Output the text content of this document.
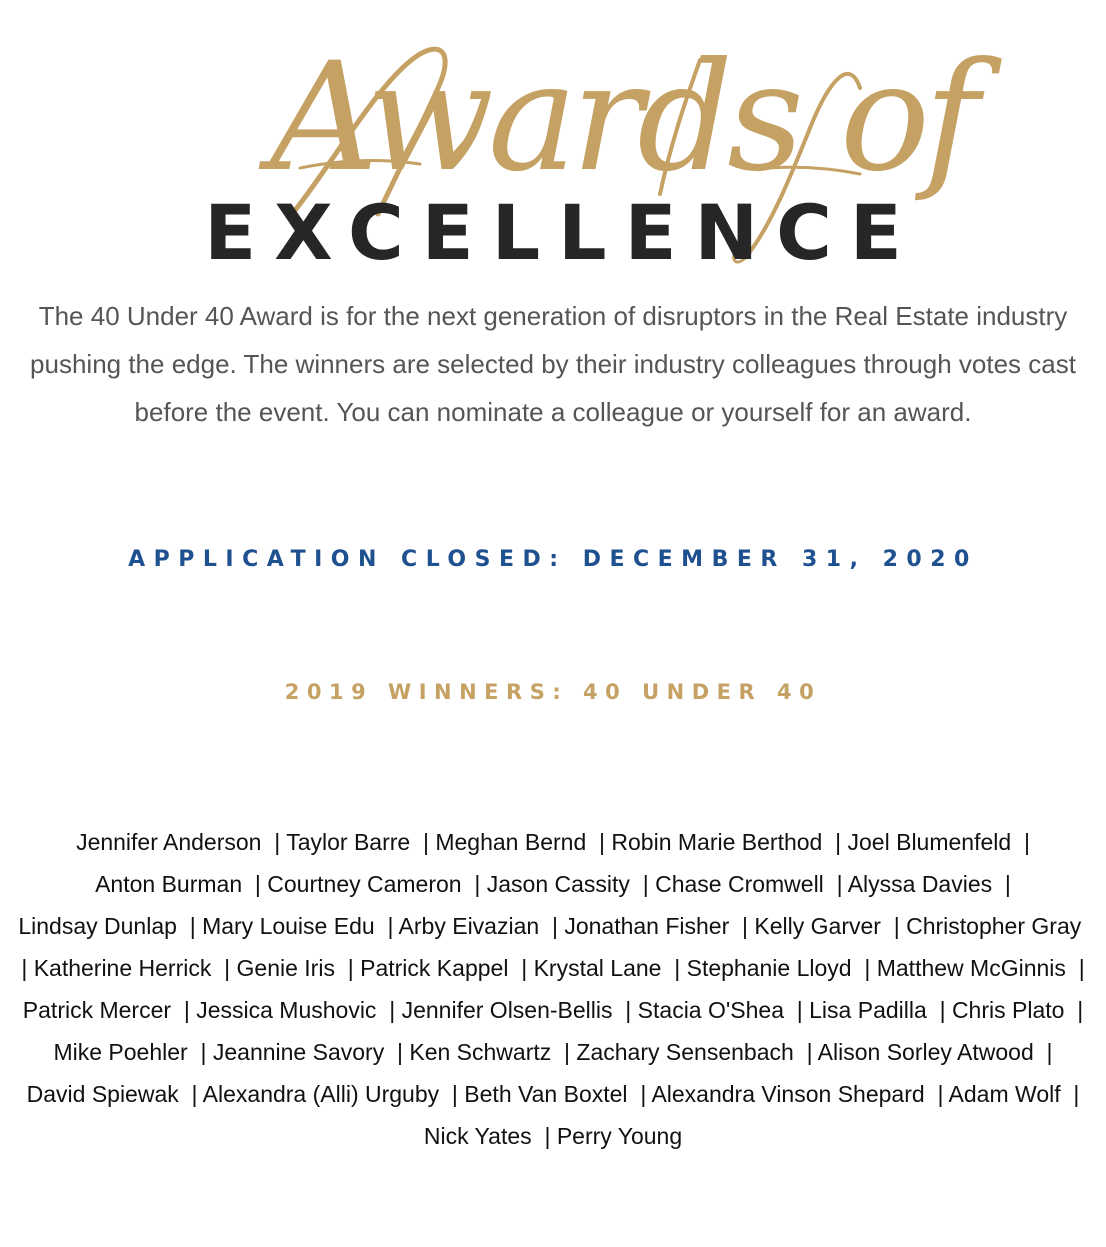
Awards of
EXCELLENCE

The 40 Under 40 Award is for the next generation of disruptors in the Real Estate industry pushing the edge. The winners are selected by their industry colleagues through votes cast before the event. You can nominate a colleague or yourself for an award.

APPLICATION CLOSED: DECEMBER 31, 2020
2019 WINNERS: 40 UNDER 40

Jennifer Anderson | Taylor Barre | Meghan Bernd | Robin Marie Berthod | Joel Blumenfeld | Anton Burman | Courtney Cameron | Jason Cassity | Chase Cromwell | Alyssa Davies | Lindsay Dunlap | Mary Louise Edu | Arby Eivazian | Jonathan Fisher | Kelly Garver | Christopher Gray  | Katherine Herrick | Genie Iris | Patrick Kappel | Krystal Lane | Stephanie Lloyd | Matthew McGinnis | Patrick Mercer | Jessica Mushovic | Jennifer Olsen-Bellis | Stacia O'Shea | Lisa Padilla | Chris Plato | Mike Poehler | Jeannine Savory | Ken Schwartz | Zachary Sensenbach | Alison Sorley Atwood | David Spiewak | Alexandra (Alli) Urguby | Beth Van Boxtel | Alexandra Vinson Shepard | Adam Wolf | Nick Yates | Perry Young
